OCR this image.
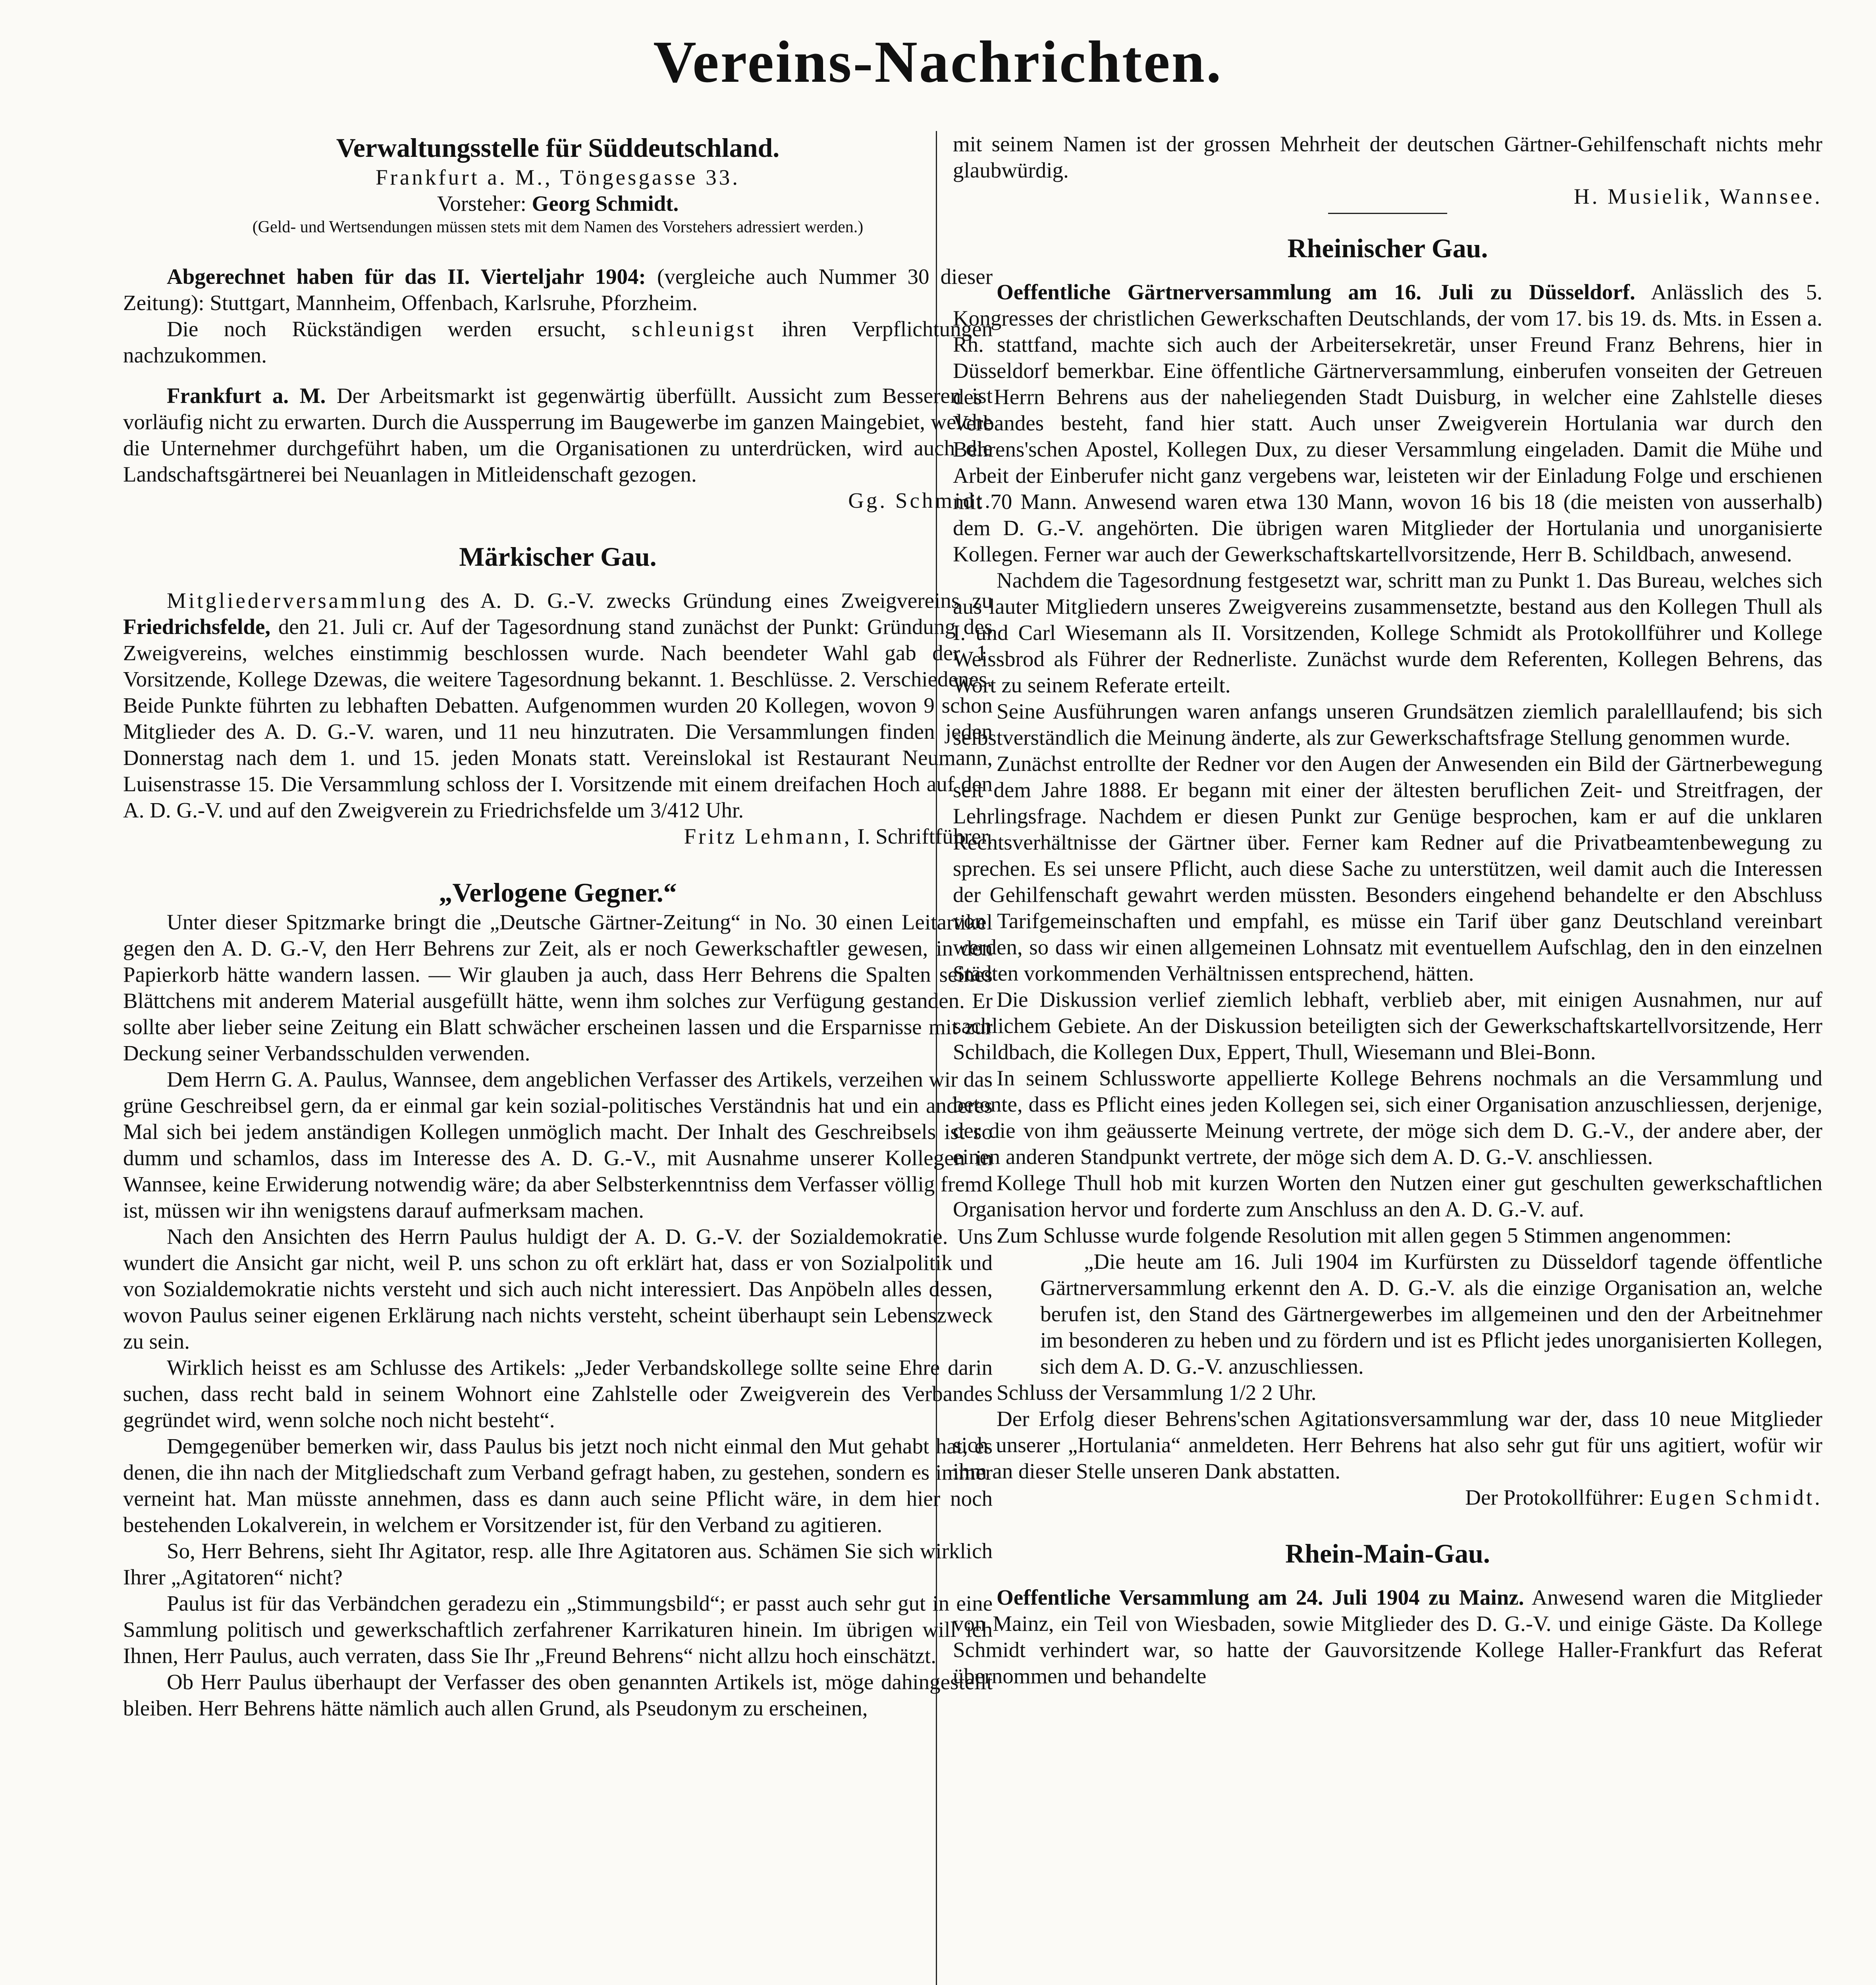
Vereins-Nachrichten.
Verwaltungsstelle für Süddeutschland.

Frankfurt a. M., Töngesgasse 33.

Vorsteher: Georg Schmidt.

(Geld- und Wertsendungen müssen stets mit dem Namen des Vorstehers adressiert werden.)

Abgerechnet haben für das II. Vierteljahr 1904: (vergleiche auch Nummer 30 dieser Zeitung): Stuttgart, Mannheim, Offenbach, Karlsruhe, Pforzheim.

Die noch Rückständigen werden ersucht, schleunigst ihren Verpflichtungen nachzukommen.

Frankfurt a. M. Der Arbeitsmarkt ist gegenwärtig überfüllt. Aussicht zum Besseren ist vorläufig nicht zu erwarten. Durch die Aussperrung im Baugewerbe im ganzen Maingebiet, welche die Unternehmer durchgeführt haben, um die Organisationen zu unterdrücken, wird auch die Landschaftsgärtnerei bei Neuanlagen in Mitleidenschaft gezogen.

Gg. Schmidt.

Märkischer Gau.

Mitgliederversammlung des A. D. G.-V. zwecks Gründung eines Zweigvereins zu Friedrichsfelde, den 21. Juli cr. Auf der Tagesordnung stand zunächst der Punkt: Gründung des Zweigvereins, welches einstimmig beschlossen wurde. Nach beendeter Wahl gab der 1. Vorsitzende, Kollege Dzewas, die weitere Tagesordnung bekannt. 1. Beschlüsse. 2. Verschiedenes. Beide Punkte führten zu lebhaften Debatten. Aufgenommen wurden 20 Kollegen, wovon 9 schon Mitglieder des A. D. G.-V. waren, und 11 neu hinzutraten. Die Versammlungen finden jeden Donnerstag nach dem 1. und 15. jeden Monats statt. Vereinslokal ist Restaurant Neumann, Luisenstrasse 15. Die Versammlung schloss der I. Vorsitzende mit einem dreifachen Hoch auf den A. D. G.-V. und auf den Zweigverein zu Friedrichsfelde um 3/412 Uhr.

Fritz Lehmann, I. Schriftführer.

„Verlogene Gegner.“

Unter dieser Spitzmarke bringt die „Deutsche Gärtner-Zeitung“ in No. 30 einen Leitartikel gegen den A. D. G.-V, den Herr Behrens zur Zeit, als er noch Gewerkschaftler gewesen, in den Papierkorb hätte wandern lassen. — Wir glauben ja auch, dass Herr Behrens die Spalten seines Blättchens mit anderem Material ausgefüllt hätte, wenn ihm solches zur Verfügung gestanden. Er sollte aber lieber seine Zeitung ein Blatt schwächer erscheinen lassen und die Ersparnisse mit zur Deckung seiner Verbandsschulden verwenden.

Dem Herrn G. A. Paulus, Wannsee, dem angeblichen Verfasser des Artikels, verzeihen wir das grüne Geschreibsel gern, da er einmal gar kein sozial-politisches Verständnis hat und ein anderes Mal sich bei jedem anständigen Kollegen unmöglich macht. Der Inhalt des Geschreibsels ist so dumm und schamlos, dass im Interesse des A. D. G.-V., mit Ausnahme unserer Kollegen in Wannsee, keine Erwiderung notwendig wäre; da aber Selbsterkenntniss dem Verfasser völlig fremd ist, müssen wir ihn wenigstens darauf aufmerksam machen.

Nach den Ansichten des Herrn Paulus huldigt der A. D. G.-V. der Sozialdemokratie. Uns wundert die Ansicht gar nicht, weil P. uns schon zu oft erklärt hat, dass er von Sozialpolitik und von Sozialdemokratie nichts versteht und sich auch nicht interessiert. Das Anpöbeln alles dessen, wovon Paulus seiner eigenen Erklärung nach nichts versteht, scheint überhaupt sein Lebenszweck zu sein.

Wirklich heisst es am Schlusse des Artikels: „Jeder Verbandskollege sollte seine Ehre darin suchen, dass recht bald in seinem Wohnort eine Zahlstelle oder Zweigverein des Verbandes gegründet wird, wenn solche noch nicht besteht“.

Demgegenüber bemerken wir, dass Paulus bis jetzt noch nicht einmal den Mut gehabt hat, es denen, die ihn nach der Mitgliedschaft zum Verband gefragt haben, zu gestehen, sondern es immer verneint hat. Man müsste annehmen, dass es dann auch seine Pflicht wäre, in dem hier noch bestehenden Lokalverein, in welchem er Vorsitzender ist, für den Verband zu agitieren.

So, Herr Behrens, sieht Ihr Agitator, resp. alle Ihre Agitatoren aus. Schämen Sie sich wirklich Ihrer „Agitatoren“ nicht?

Paulus ist für das Verbändchen geradezu ein „Stimmungsbild“; er passt auch sehr gut in eine Sammlung politisch und gewerkschaftlich zerfahrener Karrikaturen hinein. Im übrigen will ich Ihnen, Herr Paulus, auch verraten, dass Sie Ihr „Freund Behrens“ nicht allzu hoch einschätzt.

Ob Herr Paulus überhaupt der Verfasser des oben genannten Artikels ist, möge dahingestellt bleiben. Herr Behrens hätte nämlich auch allen Grund, als Pseudonym zu erscheinen,

mit seinem Namen ist der grossen Mehrheit der deutschen Gärtner-Gehilfenschaft nichts mehr glaubwürdig.

H. Musielik, Wannsee.

Rheinischer Gau.

Oeffentliche Gärtnerversammlung am 16. Juli zu Düsseldorf. Anlässlich des 5. Kongresses der christlichen Gewerkschaften Deutschlands, der vom 17. bis 19. ds. Mts. in Essen a. Rh. stattfand, machte sich auch der Arbeitersekretär, unser Freund Franz Behrens, hier in Düsseldorf bemerkbar. Eine öffentliche Gärtnerversammlung, einberufen vonseiten der Getreuen des Herrn Behrens aus der naheliegenden Stadt Duisburg, in welcher eine Zahlstelle dieses Verbandes besteht, fand hier statt. Auch unser Zweigverein Hortulania war durch den Behrens'schen Apostel, Kollegen Dux, zu dieser Versammlung eingeladen. Damit die Mühe und Arbeit der Einberufer nicht ganz vergebens war, leisteten wir der Einladung Folge und erschienen mit 70 Mann. Anwesend waren etwa 130 Mann, wovon 16 bis 18 (die meisten von ausserhalb) dem D. G.-V. angehörten. Die übrigen waren Mitglieder der Hortulania und unorganisierte Kollegen. Ferner war auch der Gewerkschaftskartellvorsitzende, Herr B. Schildbach, anwesend.

Nachdem die Tagesordnung festgesetzt war, schritt man zu Punkt 1. Das Bureau, welches sich aus lauter Mitgliedern unseres Zweigvereins zusammensetzte, bestand aus den Kollegen Thull als I. und Carl Wiesemann als II. Vorsitzenden, Kollege Schmidt als Protokollführer und Kollege Weissbrod als Führer der Rednerliste. Zunächst wurde dem Referenten, Kollegen Behrens, das Wort zu seinem Referate erteilt.

Seine Ausführungen waren anfangs unseren Grundsätzen ziemlich paralelllaufend; bis sich selbstverständlich die Meinung änderte, als zur Gewerkschaftsfrage Stellung genommen wurde.

Zunächst entrollte der Redner vor den Augen der Anwesenden ein Bild der Gärtnerbewegung seit dem Jahre 1888. Er begann mit einer der ältesten beruflichen Zeit- und Streitfragen, der Lehrlingsfrage. Nachdem er diesen Punkt zur Genüge besprochen, kam er auf die unklaren Rechtsverhältnisse der Gärtner über. Ferner kam Redner auf die Privatbeamtenbewegung zu sprechen. Es sei unsere Pflicht, auch diese Sache zu unterstützen, weil damit auch die Interessen der Gehilfenschaft gewahrt werden müssten. Besonders eingehend behandelte er den Abschluss von Tarifgemeinschaften und empfahl, es müsse ein Tarif über ganz Deutschland vereinbart werden, so dass wir einen allgemeinen Lohnsatz mit eventuellem Aufschlag, den in den einzelnen Städten vorkommenden Verhältnissen entsprechend, hätten.

Die Diskussion verlief ziemlich lebhaft, verblieb aber, mit einigen Ausnahmen, nur auf sachlichem Gebiete. An der Diskussion beteiligten sich der Gewerkschaftskartellvorsitzende, Herr Schildbach, die Kollegen Dux, Eppert, Thull, Wiesemann und Blei-Bonn.

In seinem Schlussworte appellierte Kollege Behrens nochmals an die Versammlung und betonte, dass es Pflicht eines jeden Kollegen sei, sich einer Organisation anzuschliessen, derjenige, der die von ihm geäusserte Meinung vertrete, der möge sich dem D. G.-V., der andere aber, der einen anderen Standpunkt vertrete, der möge sich dem A. D. G.-V. anschliessen.

Kollege Thull hob mit kurzen Worten den Nutzen einer gut geschulten gewerkschaftlichen Organisation hervor und forderte zum Anschluss an den A. D. G.-V. auf.

Zum Schlusse wurde folgende Resolution mit allen gegen 5 Stimmen angenommen:

„Die heute am 16. Juli 1904 im Kurfürsten zu Düsseldorf tagende öffentliche Gärtnerversammlung erkennt den A. D. G.-V. als die einzige Organisation an, welche berufen ist, den Stand des Gärtnergewerbes im allgemeinen und den der Arbeitnehmer im besonderen zu heben und zu fördern und ist es Pflicht jedes unorganisierten Kollegen, sich dem A. D. G.-V. anzuschliessen.

Schluss der Versammlung 1/2 2 Uhr.

Der Erfolg dieser Behrens'schen Agitationsversammlung war der, dass 10 neue Mitglieder sich unserer „Hortulania“ anmeldeten. Herr Behrens hat also sehr gut für uns agitiert, wofür wir ihm an dieser Stelle unseren Dank abstatten.

Der Protokollführer: Eugen Schmidt.

Rhein-Main-Gau.

Oeffentliche Versammlung am 24. Juli 1904 zu Mainz. Anwesend waren die Mitglieder von Mainz, ein Teil von Wiesbaden, sowie Mitglieder des D. G.-V. und einige Gäste. Da Kollege Schmidt verhindert war, so hatte der Gauvorsitzende Kollege Haller-Frankfurt das Referat übernommen und behandelte
